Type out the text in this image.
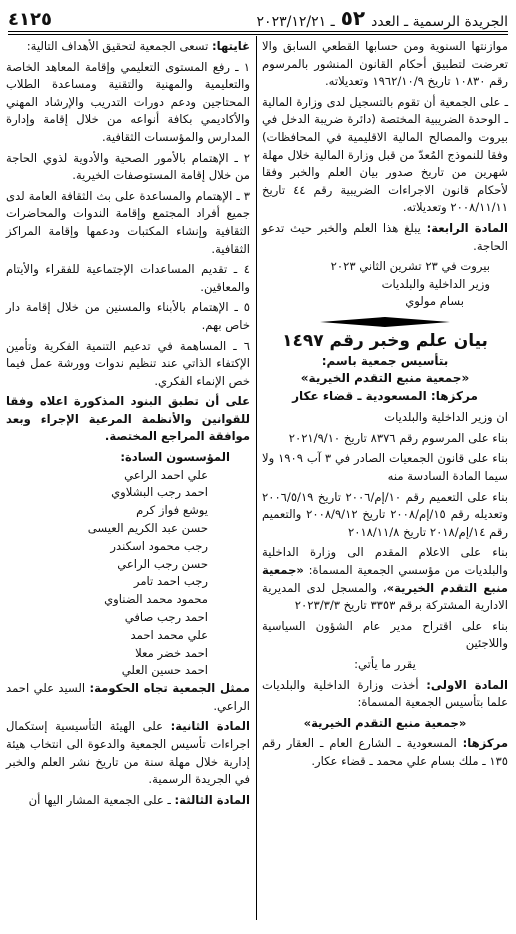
٤١٢٥	الجريدة الرسمية ـ العدد
٥٢
ـ ٢٠٢٣/١٢/٢١

موازنتها السنوية ومن حسابها القطعي السابق والا تعرضت لتطبيق أحكام القانون المنشور بالمرسوم رقم ١٠٨٣٠ تاريخ ١٩٦٢/١٠/٩ وتعديلاته.

ـ على الجمعية أن تقوم بالتسجيل لدى وزارة المالية ـ الوحدة الضريبية المختصة (دائرة ضريبة الدخل في بيروت والمصالح المالية الاقليمية في المحافظات) وفقا للنموذج المُعدّ من قبل وزارة المالية خلال مهلة شهرين من تاريخ صدور بيان العلم والخبر وفقا لأحكام قانون الاجراءات الضريبية رقم ٤٤ تاريخ ٢٠٠٨/١١/١١ وتعديلاته.

المادة الرابعة: يبلغ هذا العلم والخبر حيث تدعو الحاجة.

بيروت في ٢٣ تشرين الثاني ٢٠٢٣

وزير الداخلية والبلديات

بسام مولوي

بيان علم وخبر رقم ١٤٩٧
بتأسيس جمعية باسم:
«جمعية منبع التقدم الخيرية»
مركزها: المسعودية ـ قضاء عكار

ان وزير الداخلية والبلديات

بناء على المرسوم رقم ٨٣٧٦ تاريخ ٢٠٢١/٩/١٠

بناء على قانون الجمعيات الصادر في ٣ آب ١٩٠٩ ولا سيما المادة السادسة منه

بناء على التعميم رقم ١٠/إم/٢٠٠٦ تاريخ ٢٠٠٦/٥/١٩ وتعديله رقم ١٥/إم/٢٠٠٨ تاريخ ٢٠٠٨/٩/١٢ والتعميم رقم ١٤/إم/٢٠١٨ تاريخ ٢٠١٨/١١/٨

بناء على الاعلام المقدم الى وزارة الداخلية والبلديات من مؤسسي الجمعية المسماة: «جمعية منبع التقدم الخيرية»، والمسجل لدى المديرية الادارية المشتركة برقم ٣٣٥٣ تاريخ ٢٠٢٣/٣/٣

بناء على اقتراح مدير عام الشؤون السياسية واللاجئين

يقرر ما يأتي:

المادة الاولى: أخذت وزارة الداخلية والبلديات علما بتأسيس الجمعية المسماة:

«جمعية منبع التقدم الخيرية»

مركزها: المسعودية ـ الشارع العام ـ العقار رقم ١٣٥ ـ ملك بسام علي محمد ـ قضاء عكار.

غايتها: تسعى الجمعية لتحقيق الأهداف التالية:

١ ـ رفع المستوى التعليمي وإقامة المعاهد الخاصة والتعليمية والمهنية والتقنية ومساعدة الطلاب المحتاجين ودعم دورات التدريب والإرشاد المهني والأكاديمي بكافة أنواعه من خلال إقامة وإدارة المدارس والمؤسسات الثقافية.

٢ ـ الإهتمام بالأمور الصحية والأدوية لذوي الحاجة من خلال إقامة المستوصفات الخيرية.

٣ ـ الإهتمام والمساعدة على بث الثقافة العامة لدى جميع أفراد المجتمع وإقامة الندوات والمحاضرات الثقافية وإنشاء المكتبات ودعمها وإقامة المراكز الثقافية.

٤ ـ تقديم المساعدات الإجتماعية للفقراء والأيتام والمعاقين.

٥ ـ الإهتمام بالأبناء والمسنين من خلال إقامة دار خاص بهم.

٦ ـ المساهمة في تدعيم التنمية الفكرية وتأمين الإكتفاء الذاتي عند تنظيم ندوات وورشة عمل فيما خص الإنماء الفكري.

على أن تطبق البنود المذكورة اعلاه وفقا للقوانين والأنظمة المرعية الإجراء وبعد موافقة المراجع المختصة.

المؤسسون السادة:

علي احمد الراعي
احمد رجب البشلاوي
يوشع فواز كرم
حسن عبد الكريم العيسى
رجب محمود اسكندر
حسن رجب الراعي
رجب احمد تامر
محمود محمد الضناوي
احمد رجب صافي
علي محمد احمد
احمد خضر معلا
احمد حسين العلي

ممثل الجمعية تجاه الحكومة: السيد علي احمد الراعي.

المادة الثانية: على الهيئة التأسيسية إستكمال اجراءات تأسيس الجمعية والدعوة الى انتخاب هيئة إدارية خلال مهلة سنة من تاريخ نشر العلم والخبر في الجريدة الرسمية.

المادة الثالثة: ـ على الجمعية المشار اليها أن
